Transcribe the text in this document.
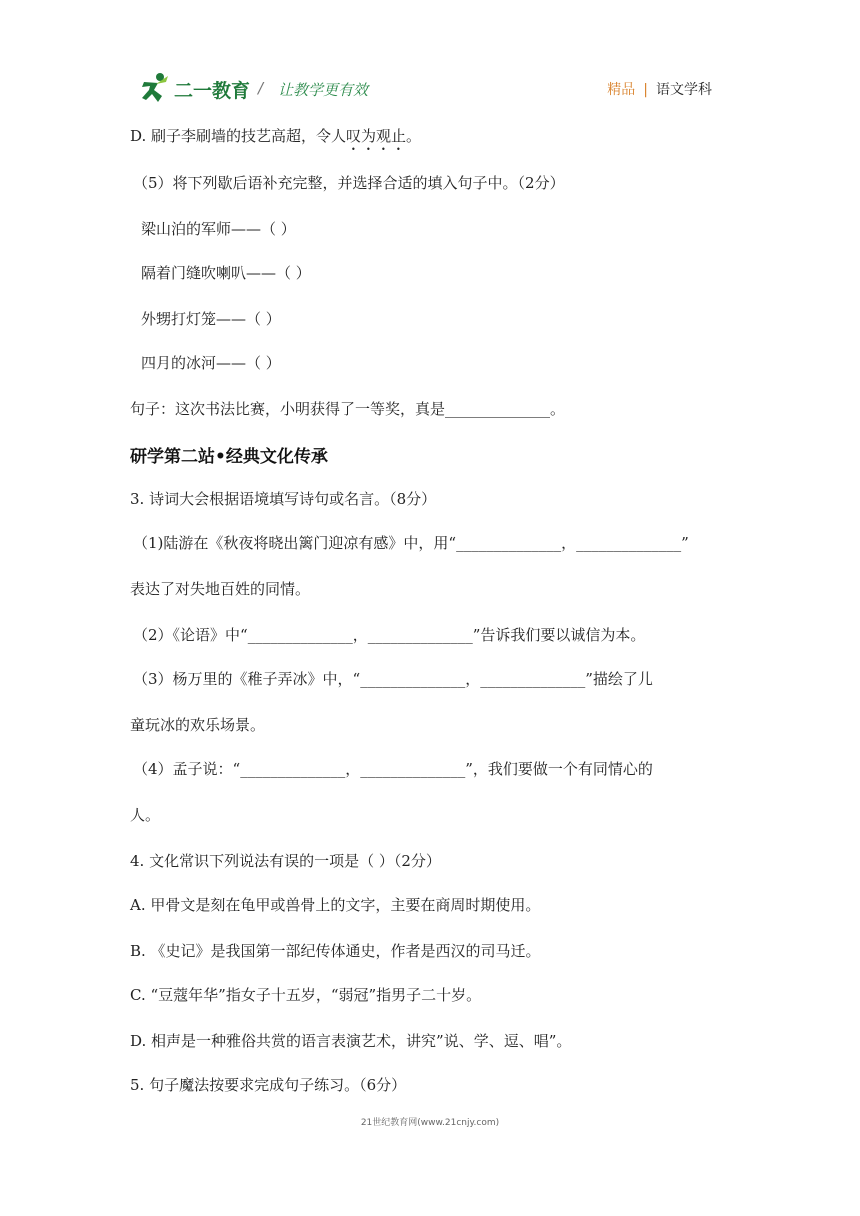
二一教育 / 让教学更有效	精品 | 语文学科
D. 刷子李刷墙的技艺高超，令人叹为观止。
（5）将下列歇后语补充完整，并选择合适的填入句子中。（2分）
梁山泊的军师——（ ）
隔着门缝吹喇叭——（ ）
外甥打灯笼——（ ）
四月的冰河——（ ）
句子：这次书法比赛，小明获得了一等奖，真是______________。
研学第二站•经典文化传承
3. 诗词大会根据语境填写诗句或名言。（8分）
（1)陆游在《秋夜将晓出篱门迎凉有感》中，用“______________，______________”
表达了对失地百姓的同情。
（2）《论语》中“______________，______________”告诉我们要以诚信为本。
（3）杨万里的《稚子弄冰》中，“______________，______________”描绘了儿
童玩冰的欢乐场景。
（4）孟子说：“______________，______________”，我们要做一个有同情心的
人。
4. 文化常识下列说法有误的一项是（ ）（2分）
A. 甲骨文是刻在龟甲或兽骨上的文字，主要在商周时期使用。
B. 《史记》是我国第一部纪传体通史，作者是西汉的司马迁。
C. “豆蔻年华”指女子十五岁，“弱冠”指男子二十岁。
D. 相声是一种雅俗共赏的语言表演艺术，讲究”说、学、逗、唱”。
5. 句子魔法按要求完成句子练习。（6分）
21世纪教育网(www.21cnjy.com)
